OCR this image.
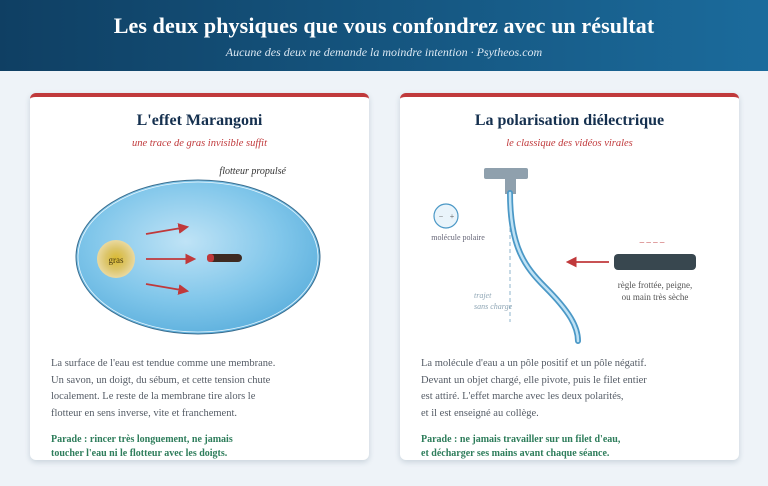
Les deux physiques que vous confondrez avec un résultat
Aucune des deux ne demande la moindre intention · Psytheos.com
L'effet Marangoni
une trace de gras invisible suffit
flotteur propulsé
gras
La surface de l'eau est tendue comme une membrane.
Un savon, un doigt, du sébum, et cette tension chute
localement. Le reste de la membrane tire alors le
flotteur en sens inverse, vite et franchement.
Parade : rincer très longuement, ne jamais
toucher l'eau ni le flotteur avec les doigts.
La polarisation diélectrique
le classique des vidéos virales
trajet
sans charge
− +
molécule polaire	– – – –
règle frottée, peigne,
ou main très sèche
La molécule d'eau a un pôle positif et un pôle négatif.
Devant un objet chargé, elle pivote, puis le filet entier
est attiré. L'effet marche avec les deux polarités,
et il est enseigné au collège.
Parade : ne jamais travailler sur un filet d'eau,
et décharger ses mains avant chaque séance.
